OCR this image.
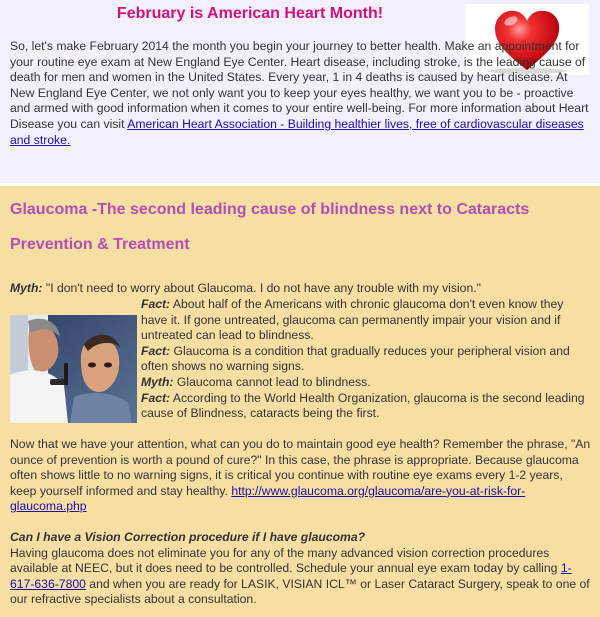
February is American Heart Month!

So, let's make February 2014 the month you begin your journey to better health. Make an appointment for your routine eye exam at New England Eye Center. Heart disease, including stroke, is the leading cause of death for men and women in the United States. Every year, 1 in 4 deaths is caused by heart disease. At New England Eye Center, we not only want you to keep your eyes healthy, we want you to be - proactive and armed with good information when it comes to your entire well-being. For more information about Heart Disease you can visit American Heart Association - Building healthier lives, free of cardiovascular diseases and stroke.

Glaucoma -The second leading cause of blindness next to Cataracts
Prevention & Treatment
Myth: "I don't need to worry about Glaucoma. I do not have any trouble with my vision."

Fact: About half of the Americans with chronic glaucoma don't even know they have it. If gone untreated, glaucoma can permanently impair your vision and if untreated can lead to blindness.

Fact: Glaucoma is a condition that gradually reduces your peripheral vision and often shows no warning signs.

Myth: Glaucoma cannot lead to blindness.

Fact: According to the World Health Organization, glaucoma is the second leading cause of Blindness, cataracts being the first.

Now that we have your attention, what can you do to maintain good eye health? Remember the phrase, "An ounce of prevention is worth a pound of cure?" In this case, the phrase is appropriate. Because glaucoma often shows little to no warning signs, it is critical you continue with routine eye exams every 1-2 years, keep yourself informed and stay healthy. http://www.glaucoma.org/glaucoma/are-you-at-risk-for-glaucoma.php

Can I have a Vision Correction procedure if I have glaucoma?

Having glaucoma does not eliminate you for any of the many advanced vision correction procedures available at NEEC, but it does need to be controlled. Schedule your annual eye exam today by calling 1-617-636-7800 and when you are ready for LASIK, VISIAN ICL™ or Laser Cataract Surgery, speak to one of our refractive specialists about a consultation.
